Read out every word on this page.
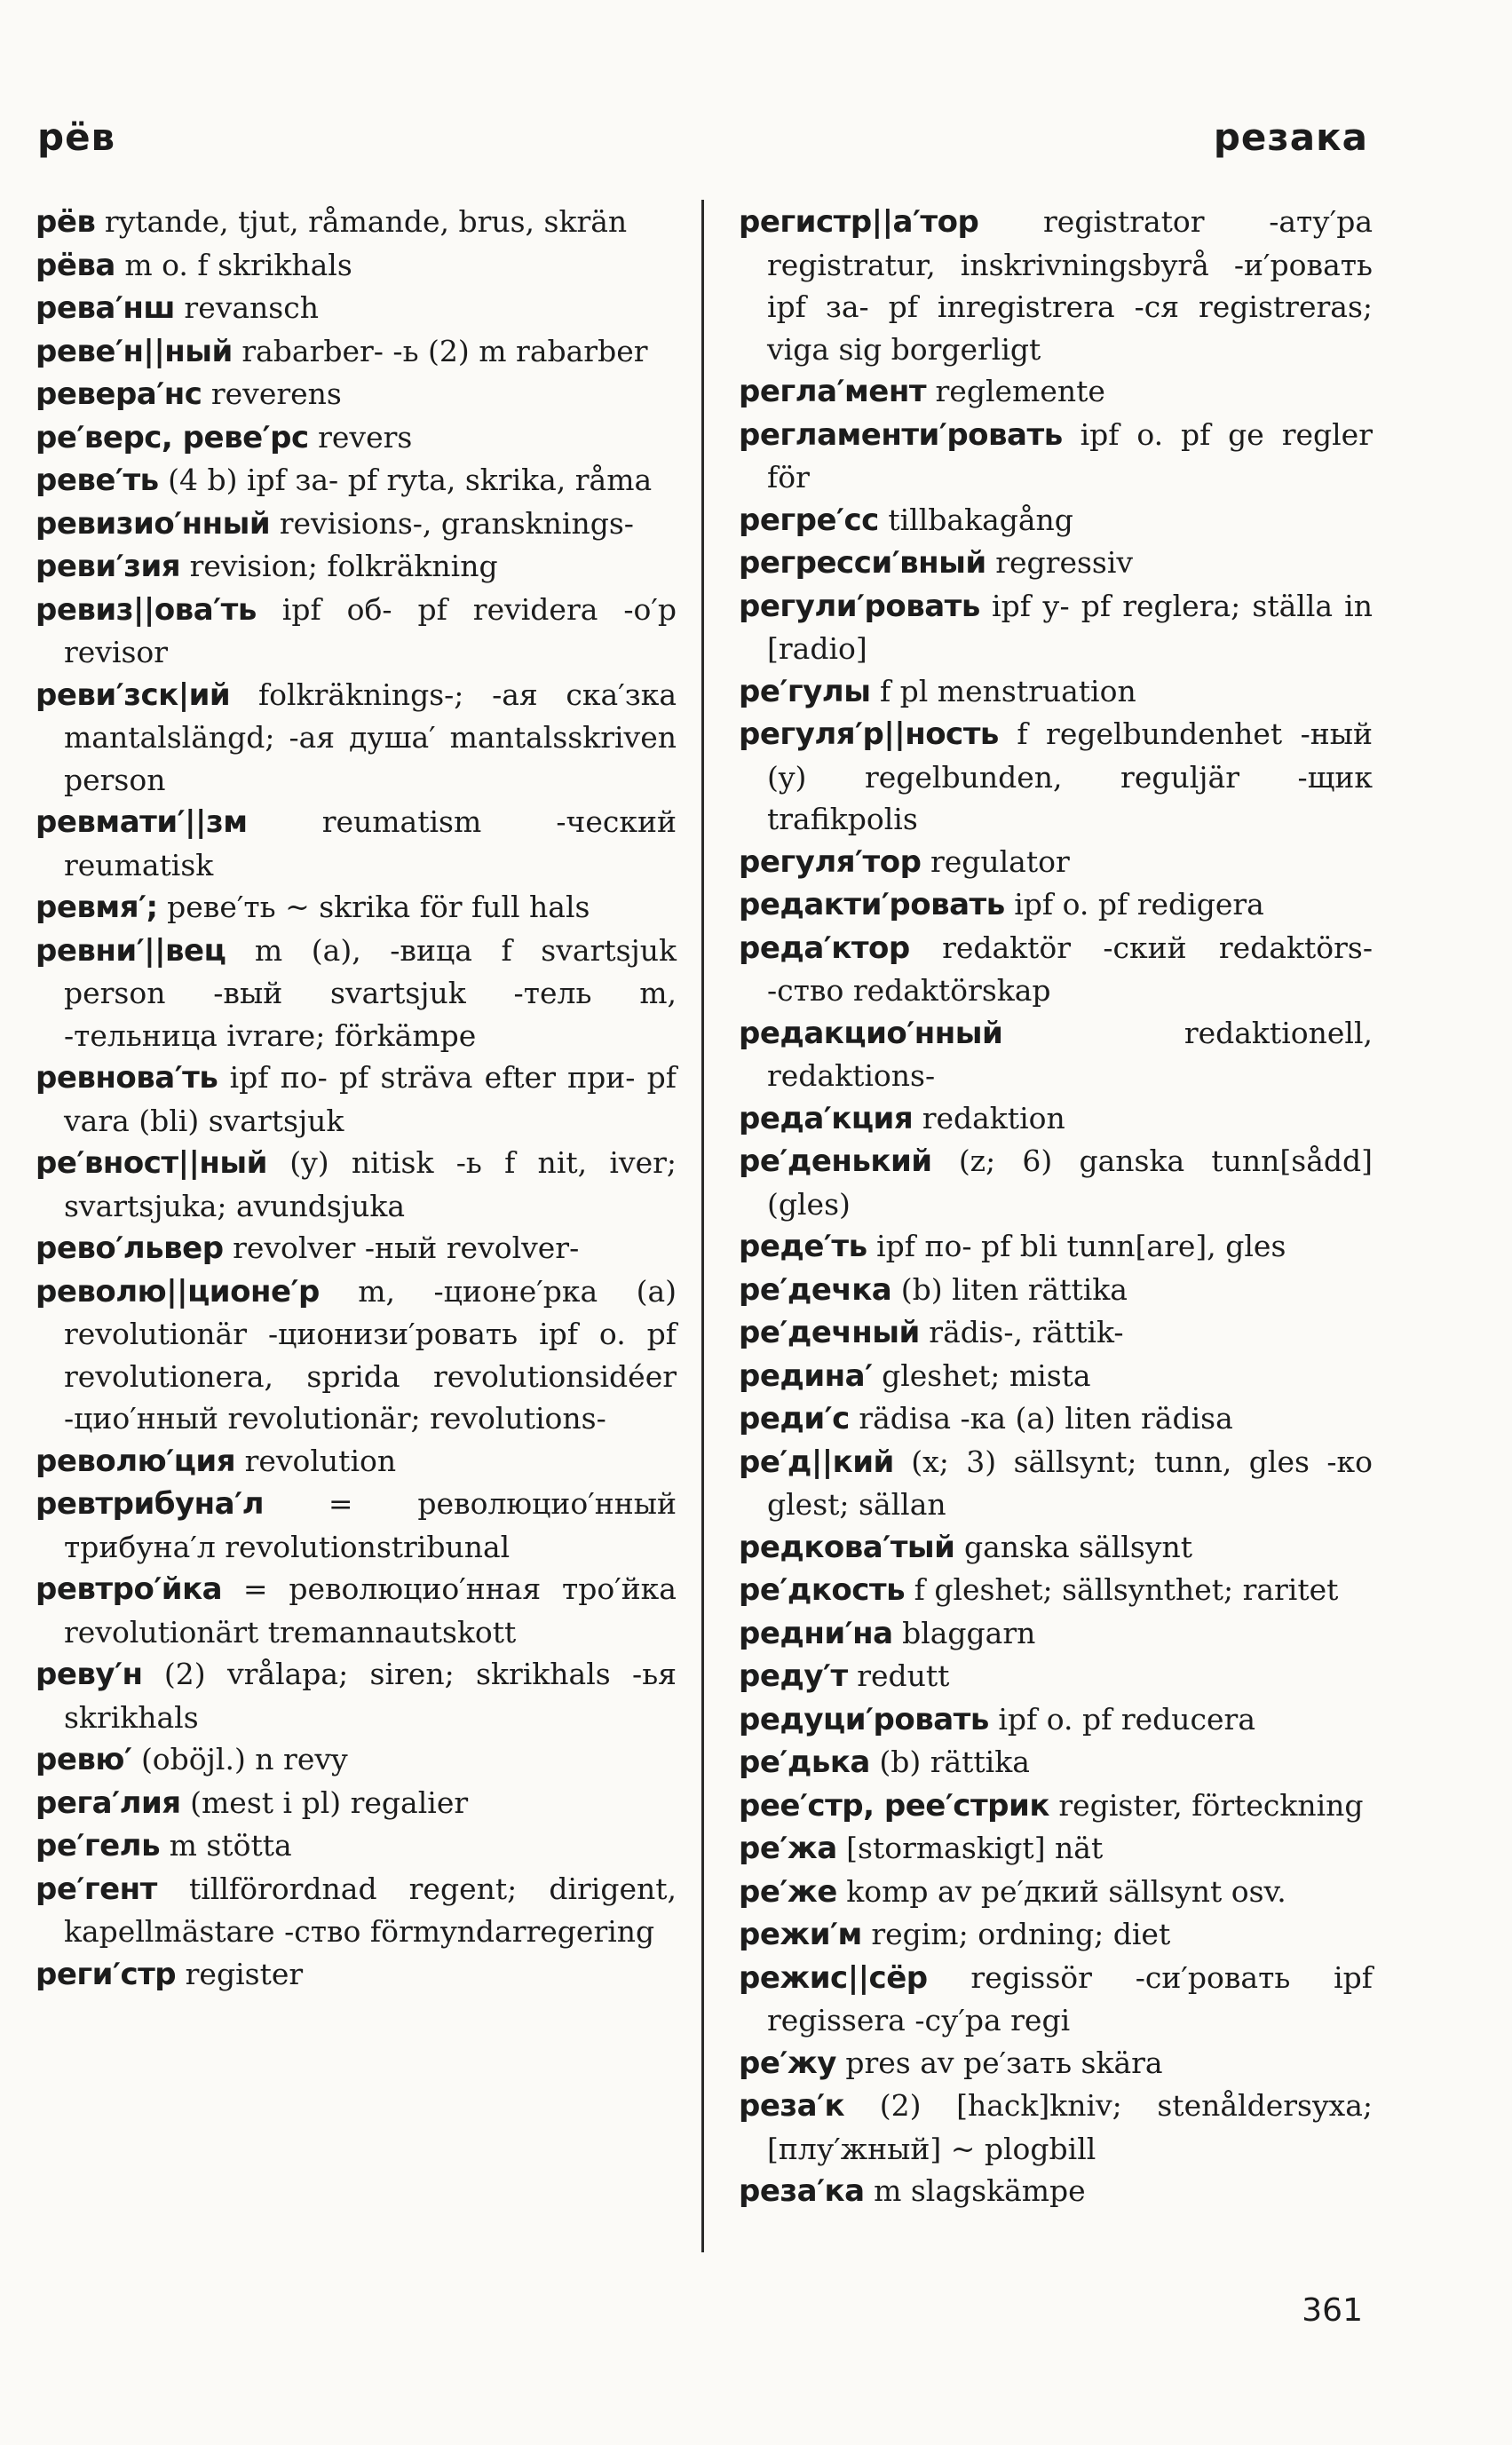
рёв	резака
рёв rytande, tjut, råmande, brus, skrän
рёва m o. f skrikhals
рева′нш revansch
реве′н||ный rabarber- -ь (2) m rabarber
ревера′нс reverens
ре′верс, реве′рс revers
реве′ть (4 b) ipf за- pf ryta, skrika, råma
ревизио′нный revisions-, gransknings-
реви′зия revision; folkräkning
ревиз||ова′ть ipf об- pf revidera -о′р revisor
реви′зск|ий folkräknings-; -ая ска′зка mantalslängd; -ая душа′ mantalsskriven person
ревмати′||зм	reumatism -ческий reumatisk
ревмя′; реве′ть ~ skrika för full hals
ревни′||вец m (a), -вица f svartsjuk person -вый svartsjuk -тель m, -тельница ivrare; förkämpe
ревнова′ть ipf по- pf sträva efter при- pf vara (bli) svartsjuk
ре′вност||ный (y) nitisk -ь f nit, iver; svartsjuka; avundsjuka
рево′львер revolver -ный revolver-
револю||ционе′р m, -ционе′рка (a) revolutionär -ционизи′ровать ipf o. pf revolutionera, sprida revolutionsidéer -цио′нный revolutionär; revolutions-
револю′ция revolution
ревтрибуна′л = революцио′нный трибуна′л revolutionstribunal
ревтро′йка = революцио′нная тро′йка revolutionärt tremannautskott
реву′н (2) vrålapa; siren; skrikhals -ья skrikhals
ревю′ (oböjl.) n revy
рега′лия (mest i pl) regalier
ре′гель m stötta
ре′гент tillförordnad regent; dirigent, kapellmästare -ство förmyndarregering
реги′стр register
регистр||а′тор registrator -ату′ра registratur, inskrivningsbyrå -и′ровать ipf за- pf inregistrera -ся registreras; viga sig borgerligt
регла′мент reglemente
регламенти′ровать ipf o. pf ge regler för
регре′сс tillbakagång
регресси′вный regressiv
регули′ровать ipf у- pf reglera; ställa in [radio]
ре′гулы f pl menstruation
регуля′р||ность f regelbundenhet -ный (y) regelbunden, reguljär -щик trafikpolis
регуля′тор regulator
редакти′ровать ipf o. pf redigera
реда′ктор redaktör -ский redaktörs- -ство redaktörskap
редакцио′нный	redaktionell, redaktions-
реда′кция redaktion
ре′денький (z; 6) ganska tunn[sådd] (gles)
реде′ть ipf по- pf bli tunn[are], gles
ре′дечка (b) liten rättika
ре′дечный rädis-, rättik-
редина′ gleshet; mista
реди′с rädisa -ка (a) liten rädisa
ре′д||кий (x; 3) sällsynt; tunn, gles -ко glest; sällan
редкова′тый ganska sällsynt
ре′дкость f gleshet; sällsynthet; raritet
редни′на blaggarn
реду′т redutt
редуци′ровать ipf o. pf reducera
ре′дька (b) rättika
рее′стр, рее′стрик register, förteckning
ре′жа [stormaskigt] nät
ре′же komp av ре′дкий sällsynt osv.
режи′м regim; ordning; diet
режис||сёр regissör -си′ровать ipf regissera -су′ра regi
ре′жу pres av ре′зать skära
реза′к (2) [hack]kniv; stenåldersyxa; [плу′жный] ~ plogbill
реза′ка m slagskämpe
361
